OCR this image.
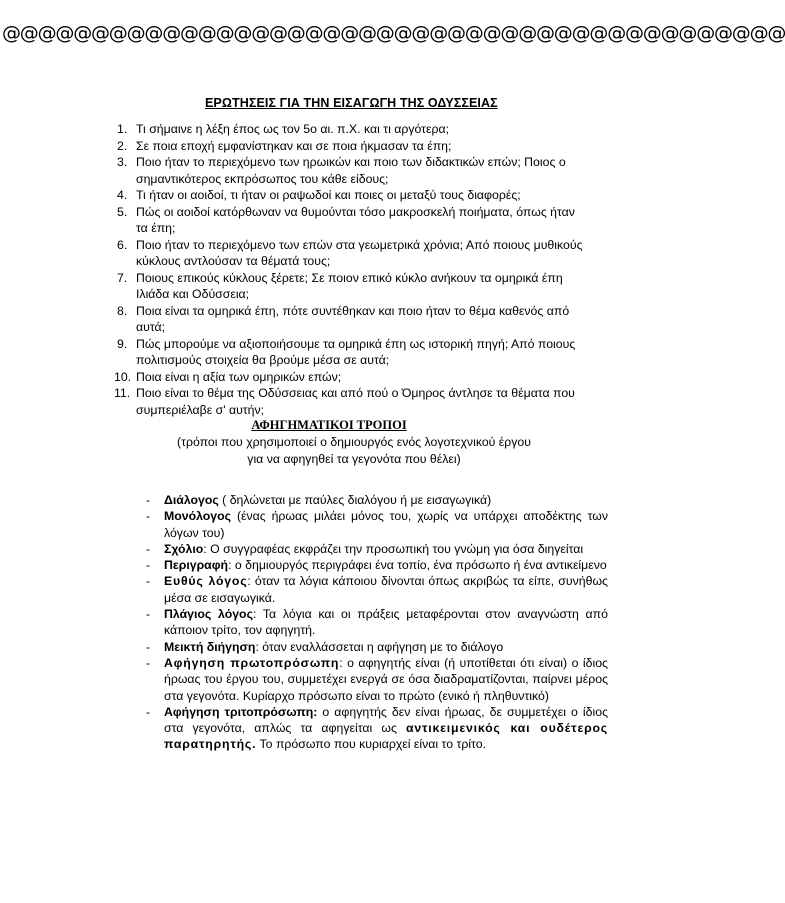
@@@@@@@@@@@@@@@@@@@@@@@@@@@@@@@@@@@@@@@@@@@@
ΕΡΩΤΗΣΕΙΣ ΓΙΑ ΤΗΝ ΕΙΣΑΓΩΓΗ ΤΗΣ ΟΔΥΣΣΕΙΑΣ
1. Τι σήμαινε η λέξη έπος ως τον 5ο αι. π.Χ. και τι αργότερα;
2. Σε ποια εποχή εμφανίστηκαν και σε ποια ήκμασαν τα έπη;
3. Ποιο ήταν το περιεχόμενο των ηρωικών και ποιο των διδακτικών επών; Ποιος ο
σημαντικότερος εκπρόσωπος του κάθε είδους;
4. Τι ήταν οι αοιδοί, τι ήταν οι ραψωδοί και ποιες οι μεταξύ τους διαφορές;
5. Πώς οι αοιδοί κατόρθωναν να θυμούνται τόσο μακροσκελή ποιήματα, όπως ήταν
τα έπη;
6. Ποιο ήταν το περιεχόμενο των επών στα γεωμετρικά χρόνια; Από ποιους μυθικούς
κύκλους αντλούσαν τα θέματά τους;
7. Ποιους επικούς κύκλους ξέρετε; Σε ποιον επικό κύκλο ανήκουν τα ομηρικά έπη
Ιλιάδα και Οδύσσεια;
8. Ποια είναι τα ομηρικά έπη, πότε συντέθηκαν και ποιο ήταν το θέμα καθενός από
αυτά;
9. Πώς μπορούμε να αξιοποιήσουμε τα ομηρικά έπη ως ιστορική πηγή; Από ποιους
πολιτισμούς στοιχεία θα βρούμε μέσα σε αυτά;
10. Ποια είναι η αξία των ομηρικών επών;
11. Ποιο είναι το θέμα της Οδύσσειας και από πού ο Όμηρος άντλησε τα θέματα που
συμπεριέλαβε σ' αυτήν;
ΑΦΗΓΗΜΑΤΙΚΟΙ ΤΡΟΠΟΙ
(τρόποι που χρησιμοποιεί ο δημιουργός ενός λογοτεχνικού έργου
για να αφηγηθεί τα γεγονότα που θέλει)
- Διάλογος ( δηλώνεται με παύλες διαλόγου ή με εισαγωγικά)
- Μονόλογος (ένας ήρωας μιλάει μόνος του, χωρίς να υπάρχει αποδέκτης των λόγων του)
- Σχόλιο: Ο συγγραφέας εκφράζει την προσωπική του γνώμη για όσα διηγείται
- Περιγραφή: ο δημιουργός περιγράφει ένα τοπίο, ένα πρόσωπο ή ένα αντικείμενο
- Ευθύς λόγος: όταν τα λόγια κάποιου δίνονται όπως ακριβώς τα είπε, συνήθως μέσα σε εισαγωγικά.
- Πλάγιος λόγος: Τα λόγια και οι πράξεις μεταφέρονται στον αναγνώστη από κάποιον τρίτο, τον αφηγητή.
- Μεικτή διήγηση: όταν εναλλάσσεται η αφήγηση με το διάλογο
- Αφήγηση πρωτοπρόσωπη: ο αφηγητής είναι (ή υποτίθεται ότι είναι) ο ίδιος ήρωας του έργου του, συμμετέχει ενεργά σε όσα διαδραματίζονται, παίρνει μέρος στα γεγονότα. Κυρίαρχο πρόσωπο είναι το πρώτο (ενικό ή πληθυντικό)
- Αφήγηση τριτοπρόσωπη: ο αφηγητής δεν είναι ήρωας, δε συμμετέχει ο ίδιος στα γεγονότα, απλώς τα αφηγείται ως αντικειμενικός και ουδέτερος παρατηρητής. Το πρόσωπο που κυριαρχεί είναι το τρίτο.
